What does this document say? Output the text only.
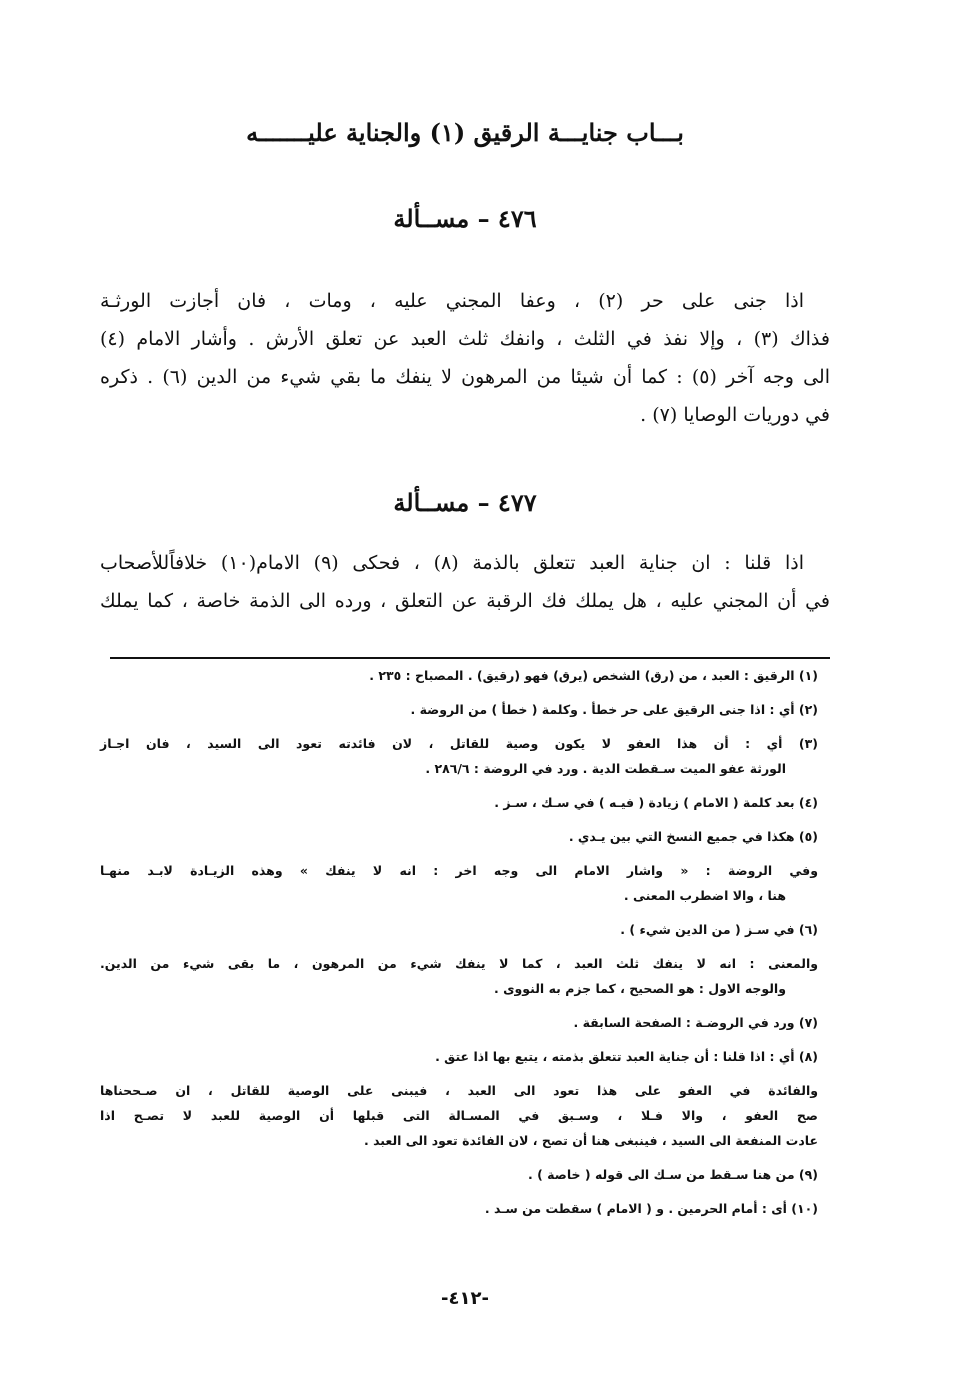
بـــاب جنايـــة الرقيق (١) والجناية عليـــــــه
٤٧٦ – مســألة
اذا جنى على حر (٢) ، وعفا المجني عليه ، ومات ، فان أجازت الورثـة
فذاك (٣) ، وإلا نفذ في الثلث ، وانفك ثلث العبد عن تعلق الأرش . وأشار الامام (٤)
الى وجه آخر (٥) : كما أن شيئا من المرهون لا ينفك ما بقي شيء من الدين (٦) . ذكره
في دوريات الوصايا (٧) .
٤٧٧ – مســألة
اذا قلنا : ان جناية العبد تتعلق بالذمة (٨) ، فحكى (٩) الامام(١٠) خلافاًللأصحاب
في أن المجني عليه ، هل يملك فك الرقبة عن التعلق ، ورده الى الذمة خاصة ، كما يملك
(١) الرقيق : العبد ، من (رق) الشخص (يرق) فهو (رقيق) . المصباح : ٢٣٥ .
(٢) أي : اذا جنى الرقيق على حر خطأ . وكلمة ( خطأ ) من الروضة .
(٣) أي : أن هذا العفو لا يكون وصية للقاتل ، لان فائدته تعود الى السيد ، فان اجـاز
الورثة عفو الميت سـقطت الدية . ورد في الروضة : ٢٨٦/٦ .
(٤) بعد كلمة ( الامام ) زيادة ( فيـه ) في سـك ، سـز .
(٥) هكذا في جميع النسخ التي بين يـدي .
وفي الروضة : « واشار الامام الى وجه اخر : انه لا ينفك » وهذه الزيـادة لابـد منهـا
هنا ، والا اضطرب المعنى .
(٦) في سـز ( من الدين شيء ) .
والمعنى : انه لا ينفك ثلث العبد ، كما لا ينفك شيء من المرهون ، ما بقى شيء من الدين.
والوجه الاول : هو الصحيح ، كما جزم به النووى .
(٧) ورد في الروضـة : الصفحة السابقة .
(٨) أي : اذا قلنا : أن جناية العبد تتعلق بذمته ، يتبع بها اذا عتق .
والفائدة في العفو على هذا تعود الى العبد ، فيبنى على الوصية للقاتل ، ان صـححناها
صح العفو ، والا فـلا ، وسـبق في المسـالة التى قبلها أن الوصية للعبد لا تصـح اذا
عادت المنفعة الى السيد ، فينبغى هنا أن تصح ، لان الفائدة تعود الى العبد .
(٩) من هنا سـقط من سـك الى قوله ( خاصة ) .
(١٠) أى : أمام الحرمين . و ( الامام ) سقطت من سـد .
-٤١٢-
